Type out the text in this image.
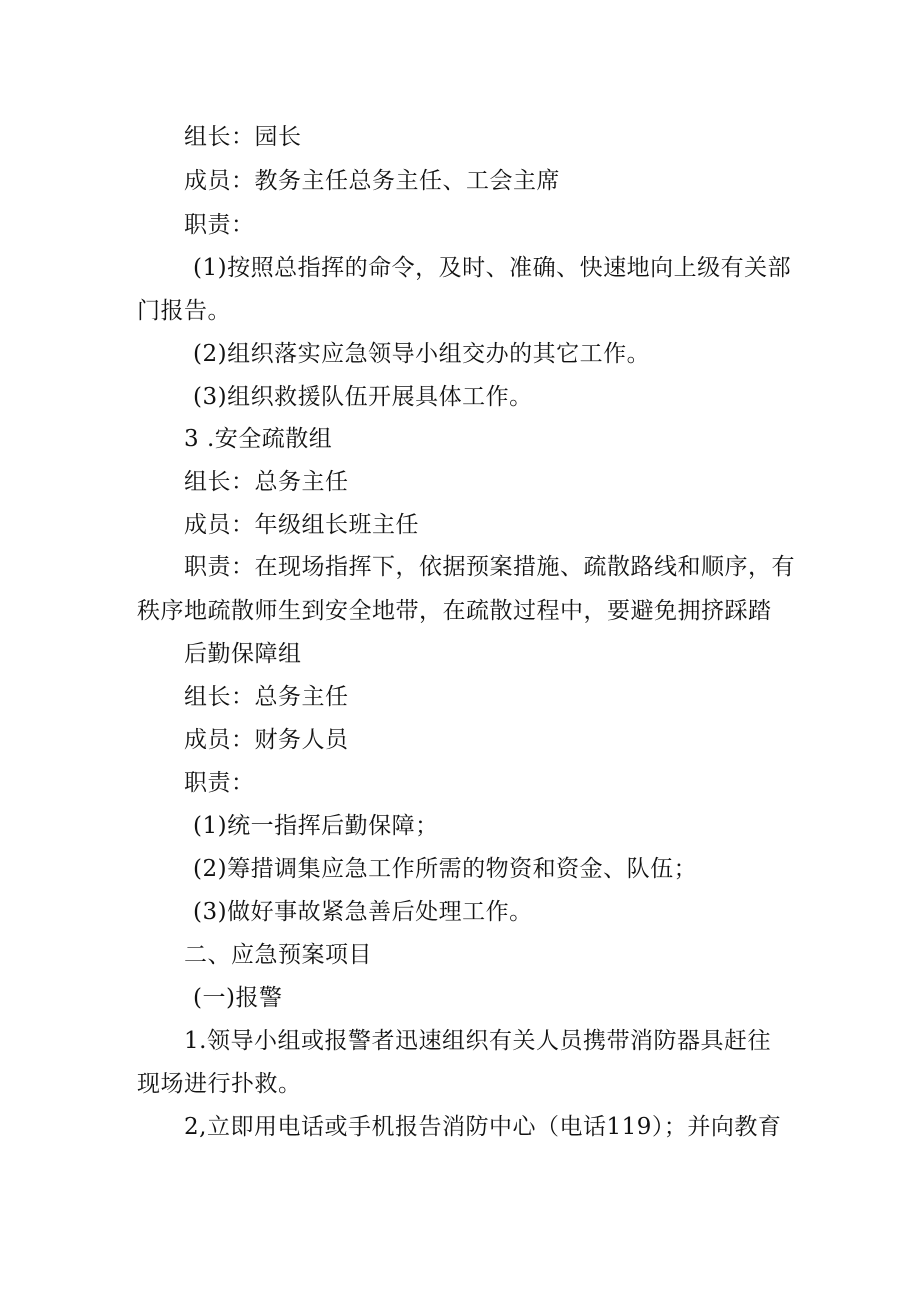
组长：园长
成员：教务主任总务主任、工会主席
职责：
(1)按照总指挥的命令，及时、准确、快速地向上级有关部
门报告。
(2)组织落实应急领导小组交办的其它工作。
(3)组织救援队伍开展具体工作。
3 .安全疏散组
组长：总务主任
成员：年级组长班主任
职责：在现场指挥下，依据预案措施、疏散路线和顺序，有
秩序地疏散师生到安全地带，在疏散过程中，要避免拥挤踩踏
后勤保障组
组长：总务主任
成员：财务人员
职责：
(1)统一指挥后勤保障；
(2)筹措调集应急工作所需的物资和资金、队伍；
(3)做好事故紧急善后处理工作。
二、应急预案项目
(一)报警
1.领导小组或报警者迅速组织有关人员携带消防器具赶往
现场进行扑救。
2,立即用电话或手机报告消防中心（电话119）；并向教育
